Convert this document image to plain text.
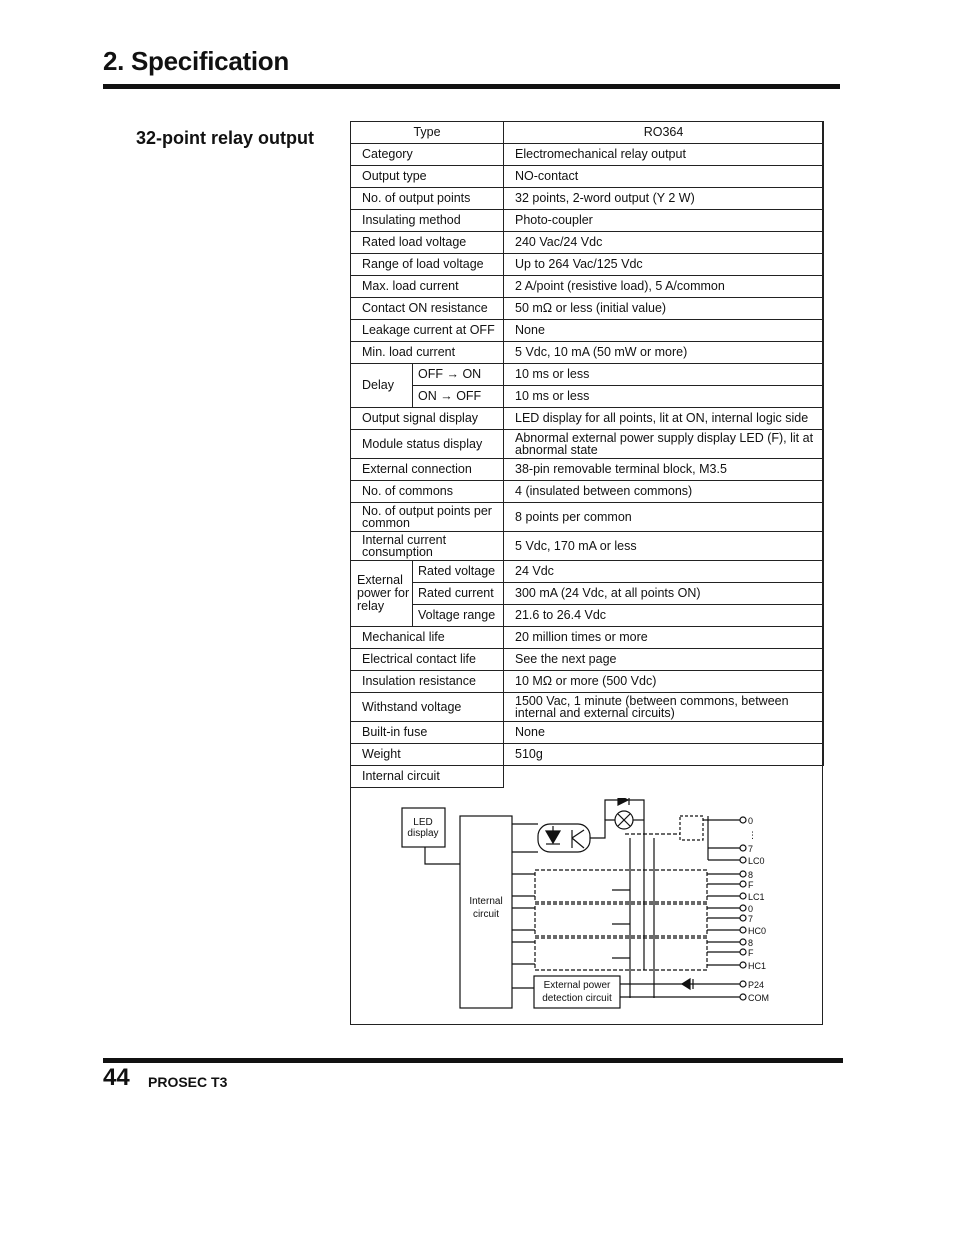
2. Specification
32-point relay output	Type		RO364
Category		Electromechanical relay output
Output type		NO-contact
No. of output points		32 points, 2-word output (Y 2 W)
Insulating method		Photo-coupler
Rated load voltage		240 Vac/24 Vdc
Range of load voltage		Up to 264 Vac/125 Vdc
Max. load current		2 A/point (resistive load), 5 A/common
Contact ON resistance		50 mΩ or less (initial value)
Leakage current at OFF		None
Min. load current		5 Vdc, 10 mA (50 mW or more)
Delay	OFF → ON	10 ms or less
	ON → OFF	10 ms or less
Output signal display		LED display for all points, lit at ON, internal logic side
Module status display		Abnormal external power supply display LED (F), lit at abnormal state
External connection		38-pin removable terminal block, M3.5
No. of commons		4 (insulated between commons)
No. of output points per common		8 points per common
Internal current consumption		5 Vdc, 170 mA or less
External power for relay	Rated voltage	24 Vdc
	Rated current	300 mA (24 Vdc, at all points ON)
	Voltage range	21.6 to 26.4 Vdc
Mechanical life		20 million times or more
Electrical contact life		See the next page
Insulation resistance		10 MΩ or more (500 Vdc)
Withstand voltage		1500 Vac, 1 minute (between commons, between internal and external circuits)
Built-in fuse		None
Weight		510g
Internal circuit		
LED display
Internal circuit
External power detection circuit
0
⋮
7
LC0
8
F
LC1
0
7
HC0
8
F
HC1
P24
COM
44 PROSEC T3
